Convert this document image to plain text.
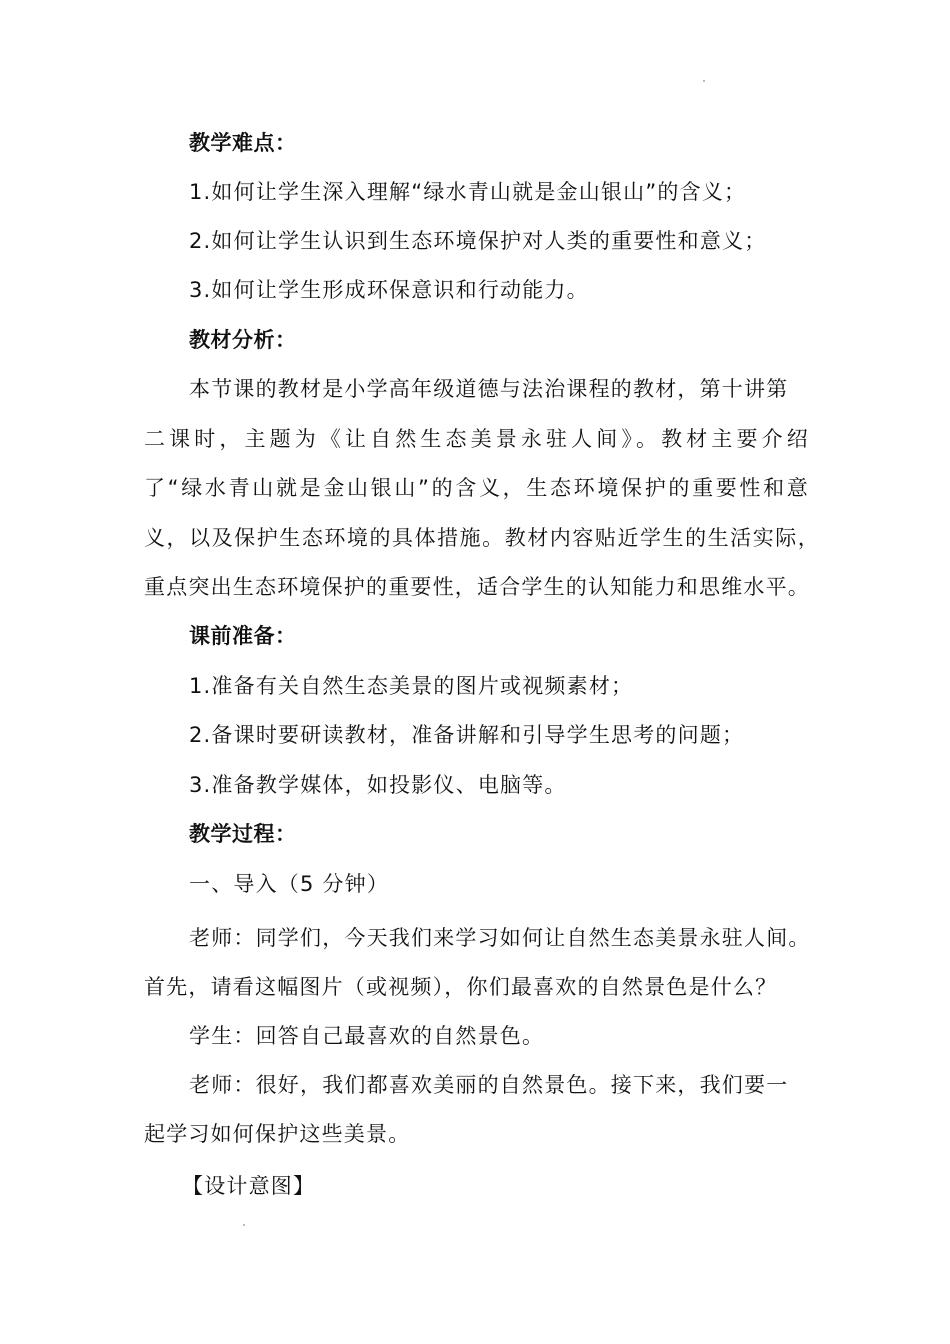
教学难点：
1.如何让学生深入理解“绿水青山就是金山银山”的含义；
2.如何让学生认识到生态环境保护对人类的重要性和意义；
3.如何让学生形成环保意识和行动能力。
教材分析：
本节课的教材是小学高年级道德与法治课程的教材，第十讲第
二课时，主题为《让自然生态美景永驻人间》。教材主要介绍
了“绿水青山就是金山银山”的含义，生态环境保护的重要性和意
义，以及保护生态环境的具体措施。教材内容贴近学生的生活实际，
重点突出生态环境保护的重要性，适合学生的认知能力和思维水平。
课前准备：
1.准备有关自然生态美景的图片或视频素材；
2.备课时要研读教材，准备讲解和引导学生思考的问题；
3.准备教学媒体，如投影仪、电脑等。
教学过程：
一、导入（5 分钟）
老师：同学们，今天我们来学习如何让自然生态美景永驻人间。
首先，请看这幅图片（或视频），你们最喜欢的自然景色是什么？
学生：回答自己最喜欢的自然景色。
老师：很好，我们都喜欢美丽的自然景色。接下来，我们要一
起学习如何保护这些美景。
【设计意图】
